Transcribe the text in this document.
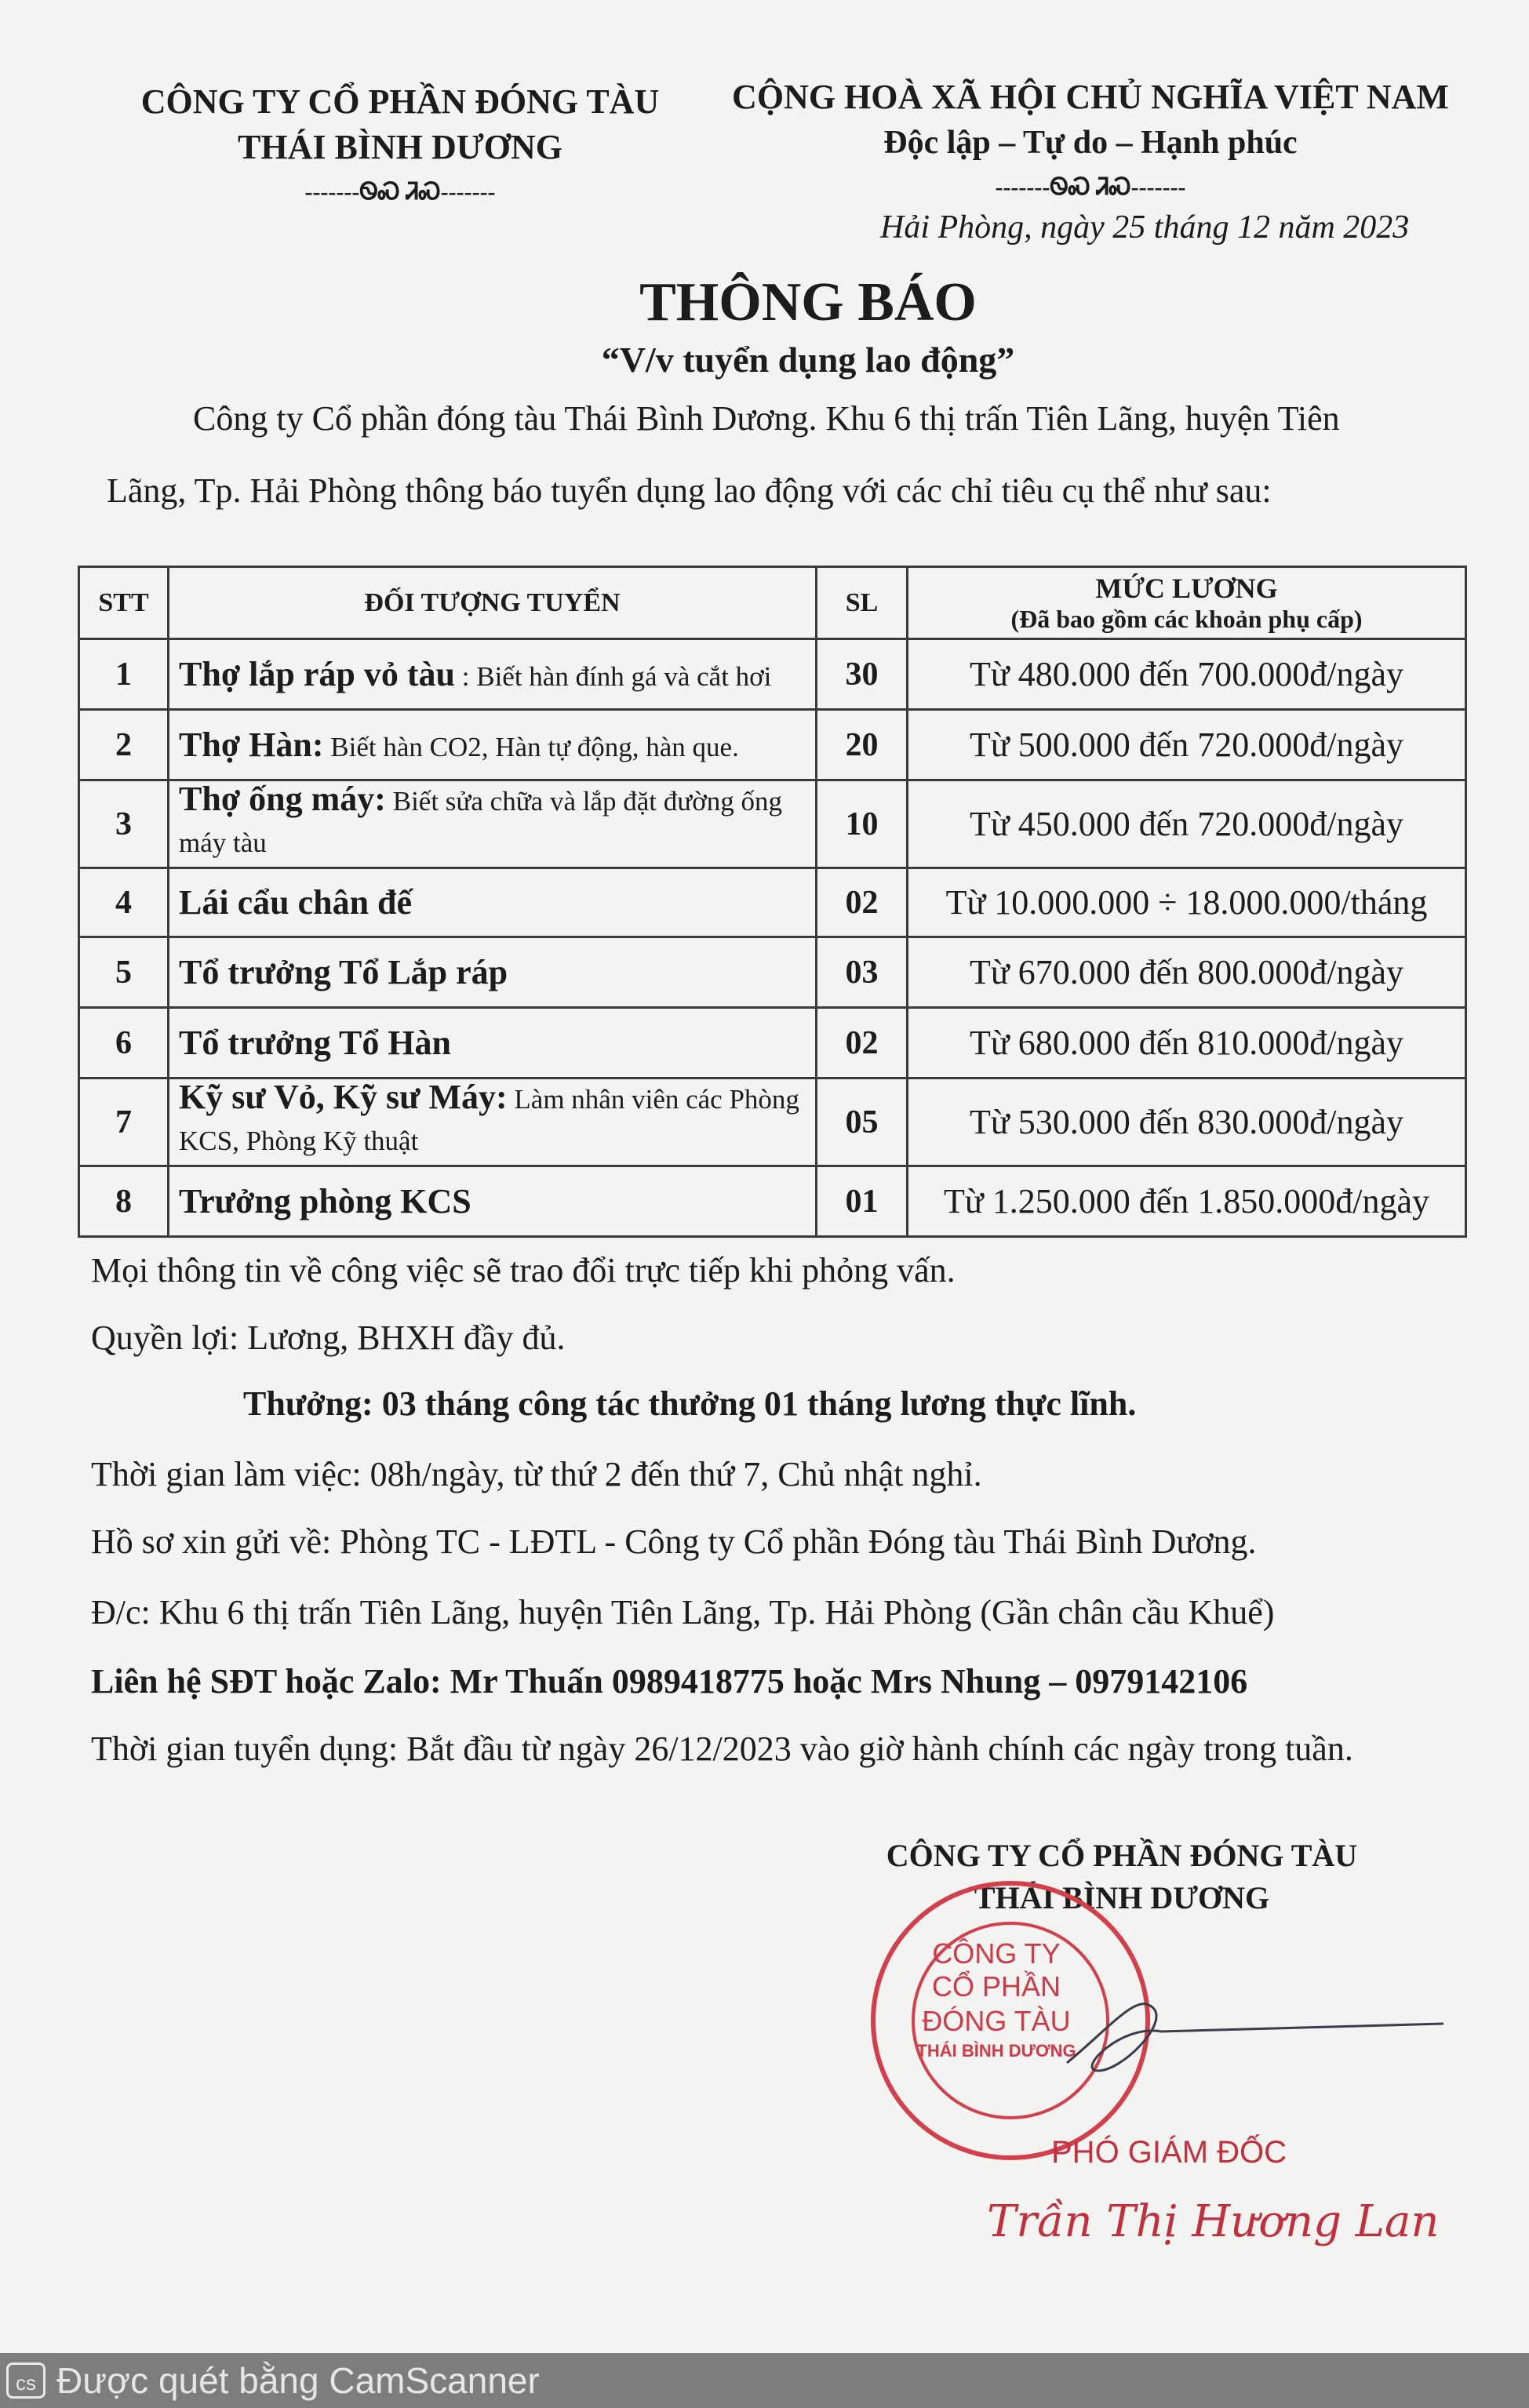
CÔNG TY CỔ PHẦN ĐÓNG TÀU
THÁI BÌNH DƯƠNG
-------ᏫᏍ ᏘᏍ-------
CỘNG HOÀ XÃ HỘI CHỦ NGHĨA VIỆT NAM
Độc lập – Tự do – Hạnh phúc
-------ᏫᏍ ᏘᏍ-------
Hải Phòng, ngày 25 tháng 12 năm 2023
THÔNG BÁO
“V/v tuyển dụng lao động”
Công ty Cổ phần đóng tàu Thái Bình Dương. Khu 6 thị trấn Tiên Lãng, huyện Tiên
Lãng, Tp. Hải Phòng thông báo tuyển dụng lao động với các chỉ tiêu cụ thể như sau:
STT	ĐỐI TƯỢNG TUYỂN	SL	MỨC LƯƠNG
(Đã bao gồm các khoản phụ cấp)

1	Thợ lắp ráp vỏ tàu : Biết hàn đính gá và cắt hơi	30	Từ 480.000 đến 700.000đ/ngày
2	Thợ Hàn: Biết hàn CO2, Hàn tự động, hàn que.	20	Từ 500.000 đến 720.000đ/ngày
3	Thợ ống máy: Biết sửa chữa và lắp đặt đường ống máy tàu	10	Từ 450.000 đến 720.000đ/ngày
4	Lái cẩu chân đế	02	Từ 10.000.000 ÷ 18.000.000/tháng
5	Tổ trưởng Tổ Lắp ráp	03	Từ 670.000 đến 800.000đ/ngày
6	Tổ trưởng Tổ Hàn	02	Từ 680.000 đến 810.000đ/ngày
7	Kỹ sư Vỏ, Kỹ sư Máy: Làm nhân viên các Phòng KCS, Phòng Kỹ thuật	05	Từ 530.000 đến 830.000đ/ngày
8	Trưởng phòng KCS	01	Từ 1.250.000 đến 1.850.000đ/ngày
Mọi thông tin về công việc sẽ trao đổi trực tiếp khi phỏng vấn.
Quyền lợi: Lương, BHXH đầy đủ.
Thưởng: 03 tháng công tác thưởng 01 tháng lương thực lĩnh.
Thời gian làm việc: 08h/ngày, từ thứ 2 đến thứ 7, Chủ nhật nghỉ.
Hồ sơ xin gửi về: Phòng TC - LĐTL - Công ty Cổ phần Đóng tàu Thái Bình Dương.
Đ/c: Khu 6 thị trấn Tiên Lãng, huyện Tiên Lãng, Tp. Hải Phòng (Gần chân cầu Khuể)
Liên hệ SĐT hoặc Zalo: Mr Thuấn 0989418775 hoặc Mrs Nhung – 0979142106
Thời gian tuyển dụng: Bắt đầu từ ngày 26/12/2023 vào giờ hành chính các ngày trong tuần.
CÔNG TY CỔ PHẦN ĐÓNG TÀU
THÁI BÌNH DƯƠNG
CÔNG TY
CỔ PHẦN
ĐÓNG TÀU
THÁI BÌNH DƯƠNG
PHÓ GIÁM ĐỐC
Trần Thị Hương Lan
cs Được quét bằng CamScanner
